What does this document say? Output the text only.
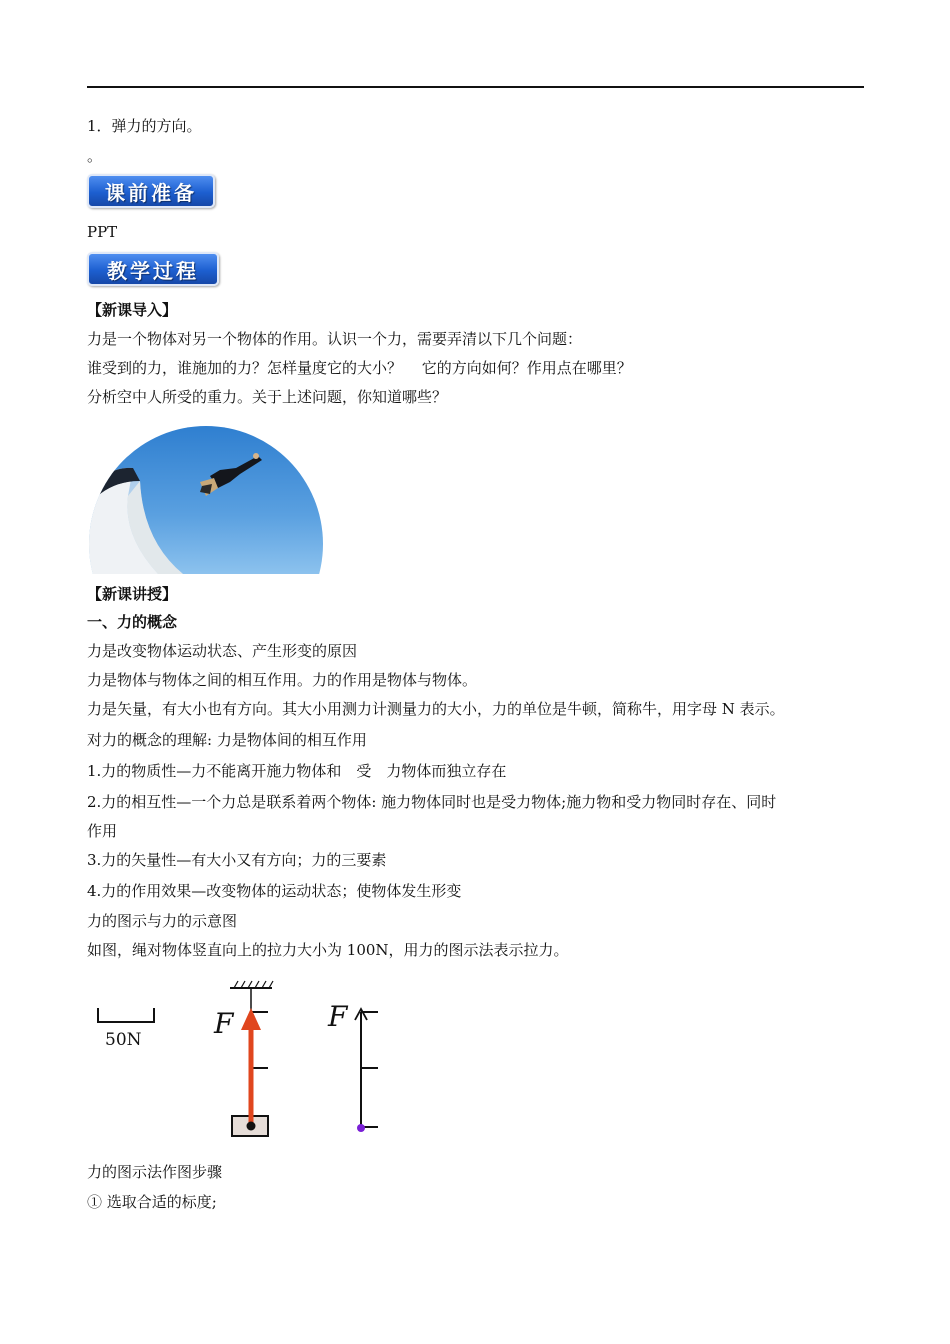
1．弹力的方向。
。
课前准备
PPT
教学过程
【新课导入】
力是一个物体对另一个物体的作用。认识一个力，需要弄清以下几个问题：
谁受到的力，谁施加的力？怎样量度它的大小？　 它的方向如何？作用点在哪里？
分析空中人所受的重力。关于上述问题，你知道哪些？
【新课讲授】
一、力的概念
力是改变物体运动状态、产生形变的原因
力是物体与物体之间的相互作用。力的作用是物体与物体。
力是矢量，有大小也有方向。其大小用测力计测量力的大小，力的单位是牛顿，简称牛，用字母 N 表示。
对力的概念的理解: 力是物体间的相互作用
1.力的物质性—力不能离开施力物体和　受　力物体而独立存在
2.力的相互性—一个力总是联系着两个物体: 施力物体同时也是受力物体;施力物和受力物同时存在、同时
作用
3.力的矢量性—有大小又有方向；力的三要素
4.力的作用效果—改变物体的运动状态；使物体发生形变
力的图示与力的示意图
如图，绳对物体竖直向上的拉力大小为 100N，用力的图示法表示拉力。
50N	F	F
力的图示法作图步骤
① 选取合适的标度;
